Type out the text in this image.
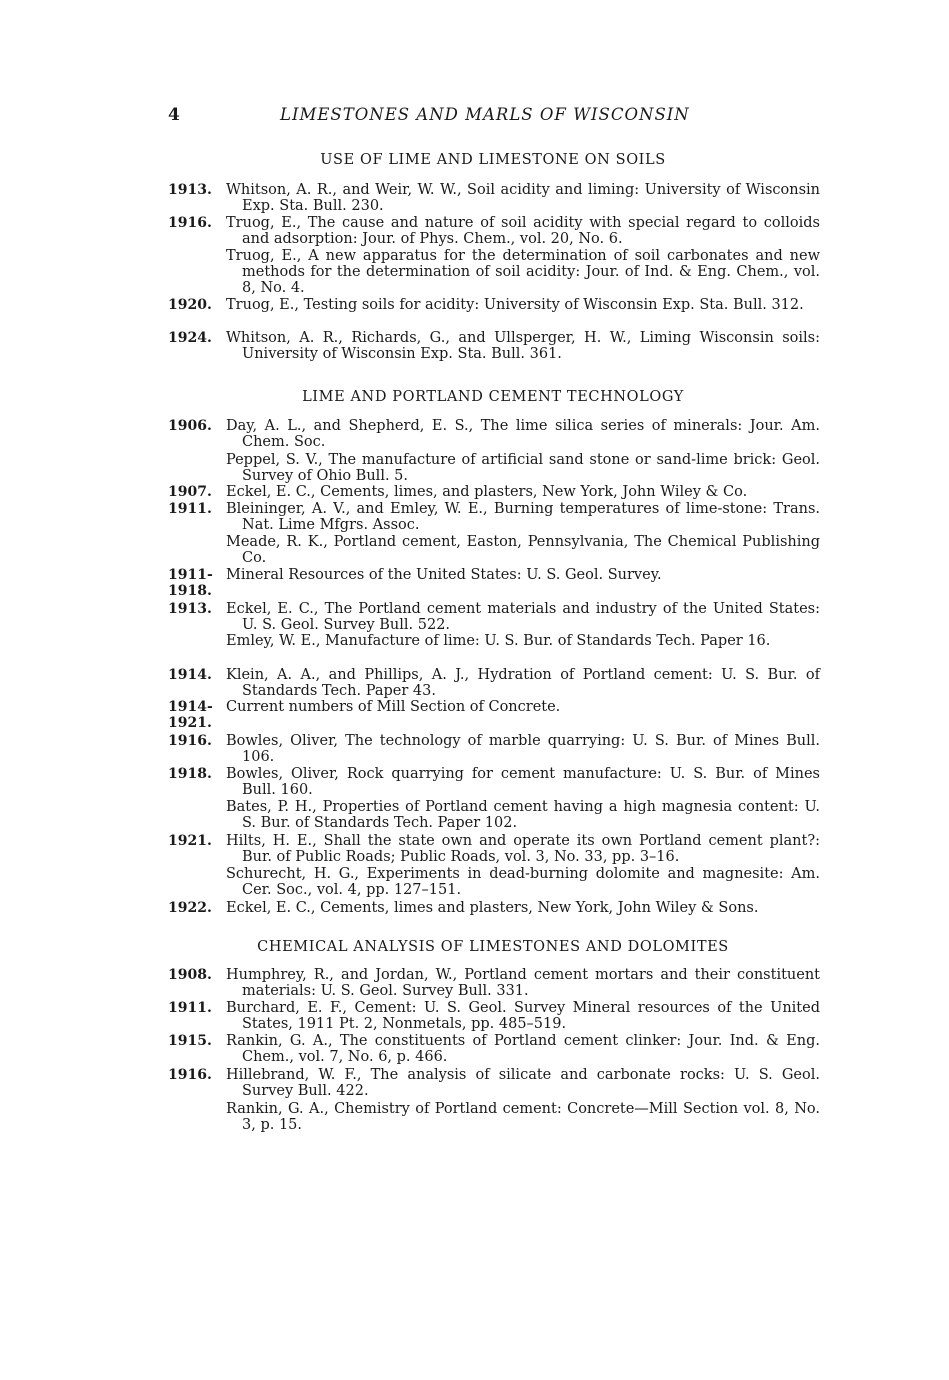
4	LIMESTONES AND MARLS OF WISCONSIN
USE OF LIME AND LIMESTONE ON SOILS
1913. Whitson, A. R., and Weir, W. W., Soil acidity and liming: University of Wisconsin Exp. Sta. Bull. 230.
1916. Truog, E., The cause and nature of soil acidity with special regard to colloids and adsorption: Jour. of Phys. Chem., vol. 20, No. 6.
Truog, E., A new apparatus for the determination of soil carbonates and new methods for the determination of soil acidity: Jour. of Ind. & Eng. Chem., vol. 8, No. 4.
1920. Truog, E., Testing soils for acidity: University of Wisconsin Exp. Sta. Bull. 312.
1924. Whitson, A. R., Richards, G., and Ullsperger, H. W., Liming Wisconsin soils: University of Wisconsin Exp. Sta. Bull. 361.
LIME AND PORTLAND CEMENT TECHNOLOGY
1906. Day, A. L., and Shepherd, E. S., The lime silica series of minerals: Jour. Am. Chem. Soc.
Peppel, S. V., The manufacture of artificial sand stone or sand-lime brick: Geol. Survey of Ohio Bull. 5.
1907. Eckel, E. C., Cements, limes, and plasters, New York, John Wiley & Co.
1911. Bleininger, A. V., and Emley, W. E., Burning temperatures of lime-stone: Trans. Nat. Lime Mfgrs. Assoc.
Meade, R. K., Portland cement, Easton, Pennsylvania, The Chemical Publishing Co.
1911-
1918.
Mineral Resources of the United States: U. S. Geol. Survey.
1913. Eckel, E. C., The Portland cement materials and industry of the United States: U. S. Geol. Survey Bull. 522.
Emley, W. E., Manufacture of lime: U. S. Bur. of Standards Tech. Paper 16.
1914. Klein, A. A., and Phillips, A. J., Hydration of Portland cement: U. S. Bur. of Standards Tech. Paper 43.
1914-
1921.
Current numbers of Mill Section of Concrete.
1916. Bowles, Oliver, The technology of marble quarrying: U. S. Bur. of Mines Bull. 106.
1918. Bowles, Oliver, Rock quarrying for cement manufacture: U. S. Bur. of Mines Bull. 160.
Bates, P. H., Properties of Portland cement having a high magnesia content: U. S. Bur. of Standards Tech. Paper 102.
1921. Hilts, H. E., Shall the state own and operate its own Portland cement plant?: Bur. of Public Roads; Public Roads, vol. 3, No. 33, pp. 3–16.
Schurecht, H. G., Experiments in dead-burning dolomite and magnesite: Am. Cer. Soc., vol. 4, pp. 127–151.
1922. Eckel, E. C., Cements, limes and plasters, New York, John Wiley & Sons.
CHEMICAL ANALYSIS OF LIMESTONES AND DOLOMITES
1908. Humphrey, R., and Jordan, W., Portland cement mortars and their constituent materials: U. S. Geol. Survey Bull. 331.
1911. Burchard, E. F., Cement: U. S. Geol. Survey Mineral resources of the United States, 1911 Pt. 2, Nonmetals, pp. 485–519.
1915. Rankin, G. A., The constituents of Portland cement clinker: Jour. Ind. & Eng. Chem., vol. 7, No. 6, p. 466.
1916. Hillebrand, W. F., The analysis of silicate and carbonate rocks: U. S. Geol. Survey Bull. 422.
Rankin, G. A., Chemistry of Portland cement: Concrete—Mill Section vol. 8, No. 3, p. 15.
